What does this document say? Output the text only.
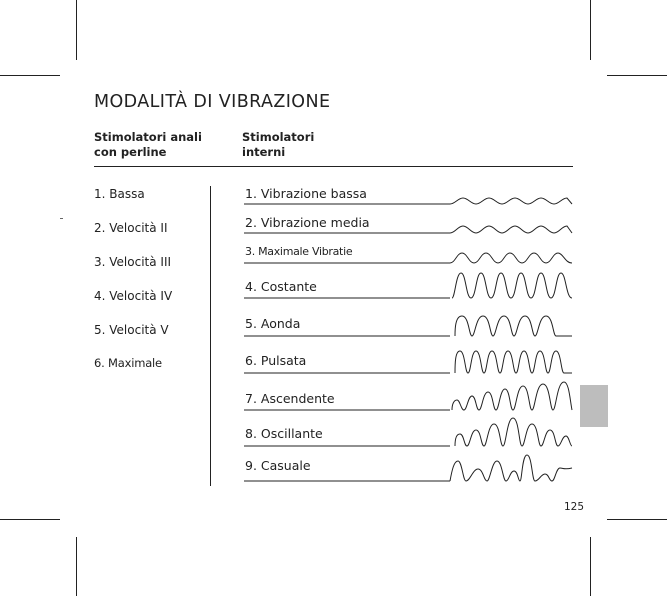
MODALITÀ DI VIBRAZIONE
Stimolatori anali
con perline
Stimolatori
interni
1. Bassa
2. Velocità II
3. Velocità III
4. Velocità IV
5. Velocità V
6. Maximale
1. Vibrazione bassa
2. Vibrazione media
3. Maximale Vibratie
4. Costante
5. Aonda
6. Pulsata
7. Ascendente
8. Oscillante
9. Casuale
125
